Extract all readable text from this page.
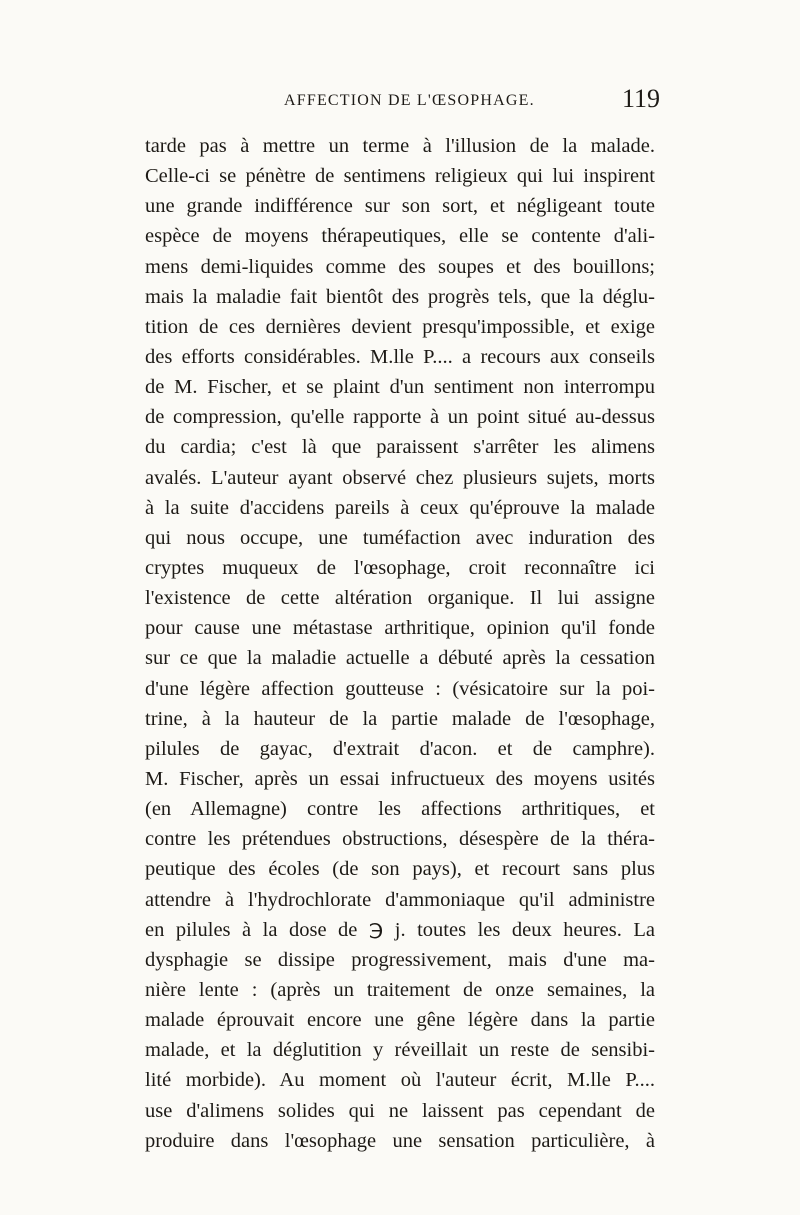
AFFECTION DE L'ŒSOPHAGE.	119
tarde pas à mettre un terme à l'illusion de la malade.
Celle-ci se pénètre de sentimens religieux qui lui inspirent
une grande indifférence sur son sort, et négligeant toute
espèce de moyens thérapeutiques, elle se contente d'ali-
mens demi-liquides comme des soupes et des bouillons;
mais la maladie fait bientôt des progrès tels, que la déglu-
tition de ces dernières devient presqu'impossible, et exige
des efforts considérables. M.lle P.... a recours aux conseils
de M. Fischer, et se plaint d'un sentiment non interrompu
de compression, qu'elle rapporte à un point situé au-dessus
du cardia; c'est là que paraissent s'arrêter les alimens
avalés. L'auteur ayant observé chez plusieurs sujets, morts
à la suite d'accidens pareils à ceux qu'éprouve la malade
qui nous occupe, une tuméfaction avec induration des
cryptes muqueux de l'œsophage, croit reconnaître ici
l'existence de cette altération organique. Il lui assigne
pour cause une métastase arthritique, opinion qu'il fonde
sur ce que la maladie actuelle a débuté après la cessation
d'une légère affection goutteuse : (vésicatoire sur la poi-
trine, à la hauteur de la partie malade de l'œsophage,
pilules de gayac, d'extrait d'acon. et de camphre).
M. Fischer, après un essai infructueux des moyens usités
(en Allemagne) contre les affections arthritiques, et
contre les prétendues obstructions, désespère de la théra-
peutique des écoles (de son pays), et recourt sans plus
attendre à l'hydrochlorate d'ammoniaque qu'il administre
en pilules à la dose de ℈ j. toutes les deux heures. La
dysphagie se dissipe progressivement, mais d'une ma-
nière lente : (après un traitement de onze semaines, la
malade éprouvait encore une gêne légère dans la partie
malade, et la déglutition y réveillait un reste de sensibi-
lité morbide). Au moment où l'auteur écrit, M.lle P....
use d'alimens solides qui ne laissent pas cependant de
produire dans l'œsophage une sensation particulière, à
